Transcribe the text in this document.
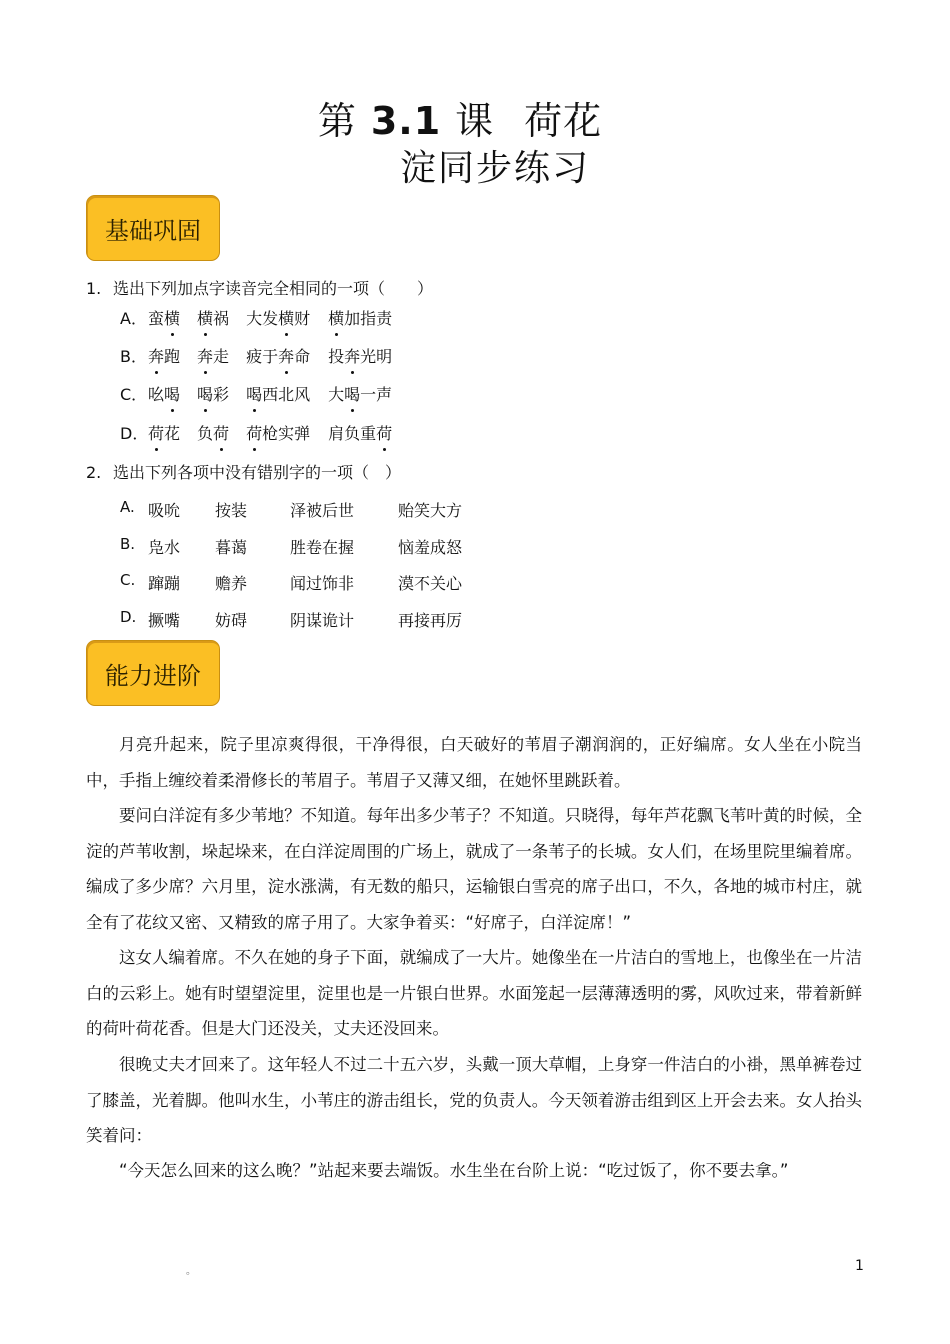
第 3.1 课 荷花
淀同步练习
基础巩固
1. 选出下列加点字读音完全相同的一项（　　）
A．蛮横 横祸 大发横财 横加指责
B．奔跑 奔走 疲于奔命 投奔光明
C．吆喝 喝彩 喝西北风 大喝一声
D．荷花 负荷 荷枪实弹 肩负重荷
2. 选出下列各项中没有错别字的一项（　）
A. 吸吮 按装	泽被后世	贻笑大方
B. 凫水 暮蔼	胜卷在握	恼羞成怒
C. 蹿蹦 赡养	闻过饰非	漠不关心
D. 撅嘴 妨碍	阴谋诡计	再接再厉
能力进阶
月亮升起来，院子里凉爽得很，干净得很，白天破好的苇眉子潮润润的，正好编席。女人坐在小院当中，手指上缠绞着柔滑修长的苇眉子。苇眉子又薄又细，在她怀里跳跃着。
要问白洋淀有多少苇地？不知道。每年出多少苇子？不知道。只晓得，每年芦花飘飞苇叶黄的时候，全淀的芦苇收割，垛起垛来，在白洋淀周围的广场上，就成了一条苇子的长城。女人们，在场里院里编着席。编成了多少席？六月里，淀水涨满，有无数的船只，运输银白雪亮的席子出口，不久，各地的城市村庄，就全有了花纹又密、又精致的席子用了。大家争着买：“好席子，白洋淀席！”
这女人编着席。不久在她的身子下面，就编成了一大片。她像坐在一片洁白的雪地上，也像坐在一片洁白的云彩上。她有时望望淀里，淀里也是一片银白世界。水面笼起一层薄薄透明的雾，风吹过来，带着新鲜的荷叶荷花香。但是大门还没关，丈夫还没回来。
很晚丈夫才回来了。这年轻人不过二十五六岁，头戴一顶大草帽，上身穿一件洁白的小褂，黑单裤卷过了膝盖，光着脚。他叫水生，小苇庄的游击组长，党的负责人。今天领着游击组到区上开会去来。女人抬头笑着问：
“今天怎么回来的这么晚？”站起来要去端饭。水生坐在台阶上说：“吃过饭了，你不要去拿。”
。	1
